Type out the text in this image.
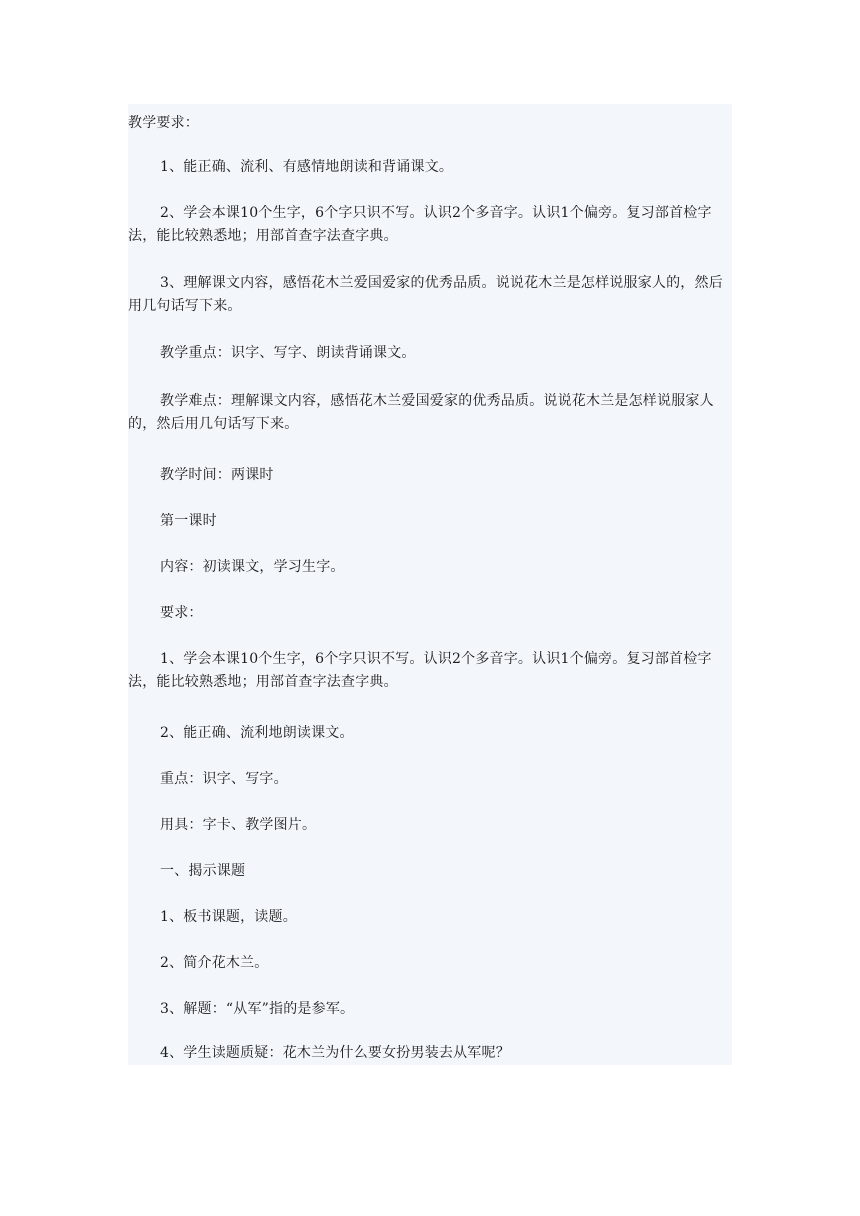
教学要求：

1、能正确、流利、有感情地朗读和背诵课文。

2、学会本课10个生字，6个字只识不写。认识2个多音字。认识1个偏旁。复习部首检字法，能比较熟悉地；用部首查字法查字典。

3、理解课文内容，感悟花木兰爱国爱家的优秀品质。说说花木兰是怎样说服家人的，然后用几句话写下来。

教学重点：识字、写字、朗读背诵课文。

教学难点：理解课文内容，感悟花木兰爱国爱家的优秀品质。说说花木兰是怎样说服家人的，然后用几句话写下来。

教学时间：两课时

第一课时

内容：初读课文，学习生字。

要求：

1、学会本课10个生字，6个字只识不写。认识2个多音字。认识1个偏旁。复习部首检字法，能比较熟悉地；用部首查字法查字典。

2、能正确、流利地朗读课文。

重点：识字、写字。

用具：字卡、教学图片。

一、揭示课题

1、板书课题，读题。

2、简介花木兰。

3、解题：“从军”指的是参军。

4、学生读题质疑：花木兰为什么要女扮男装去从军呢？
